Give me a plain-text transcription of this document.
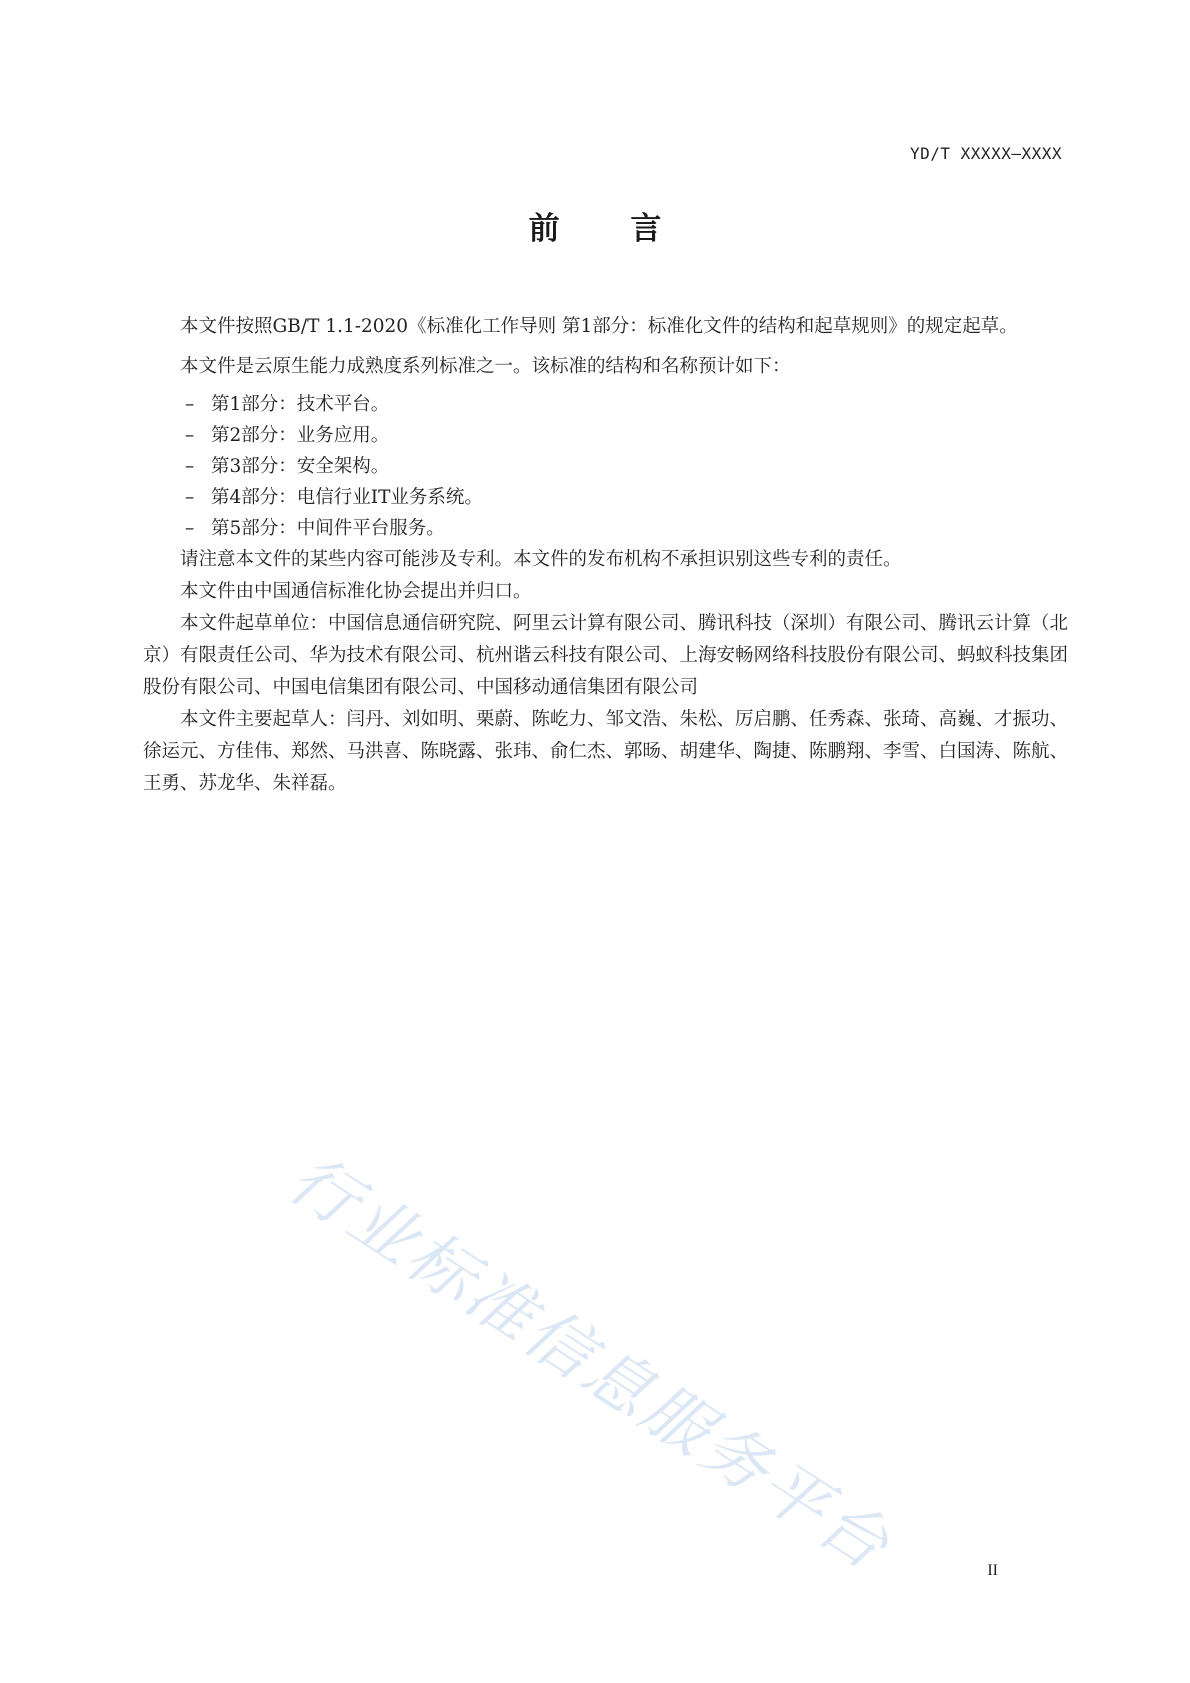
YD/T XXXXX—XXXX
前 言

本文件按照GB/T 1.1-2020《标准化工作导则 第1部分：标准化文件的结构和起草规则》的规定起草。

本文件是云原生能力成熟度系列标准之一。该标准的结构和名称预计如下：

– 第1部分：技术平台。
– 第2部分：业务应用。
– 第3部分：安全架构。
– 第4部分：电信行业IT业务系统。
– 第5部分：中间件平台服务。

请注意本文件的某些内容可能涉及专利。本文件的发布机构不承担识别这些专利的责任。

本文件由中国通信标准化协会提出并归口。

本文件起草单位：中国信息通信研究院、阿里云计算有限公司、腾讯科技（深圳）有限公司、腾讯云计算（北京）有限责任公司、华为技术有限公司、杭州谐云科技有限公司、上海安畅网络科技股份有限公司、蚂蚁科技集团股份有限公司、中国电信集团有限公司、中国移动通信集团有限公司

本文件主要起草人：闫丹、刘如明、栗蔚、陈屹力、邹文浩、朱松、厉启鹏、任秀森、张琦、高巍、才振功、徐运元、方佳伟、郑然、马洪喜、陈晓露、张玮、俞仁杰、郭旸、胡建华、陶捷、陈鹏翔、李雪、白国涛、陈航、王勇、苏龙华、朱祥磊。

行业标准信息服务平台	II
